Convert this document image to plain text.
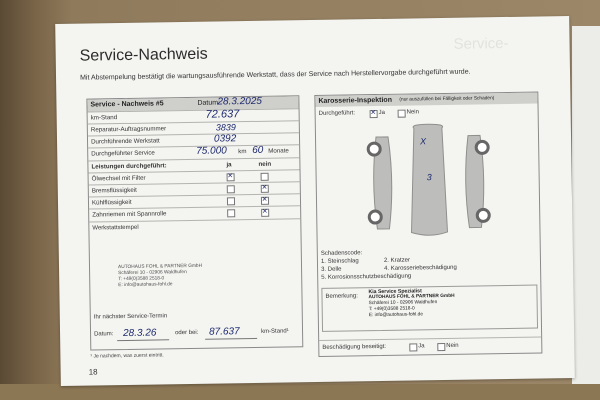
Service-
Service-Nachweis
Mit Abstempelung bestätigt die wartungsausführende Werkstatt, dass der Service nach Herstellervorgabe durchgeführt wurde.
Service - Nachweis #5	Datum:
28.3.2025
km-Stand	72.637
Reparatur-Auftragsnummer	3839
Durchführende Werkstatt	0392
Durchgeführter Service	75.000 km 60 Monate
Leistungen durchgeführt:	ja	nein
Ölwechsel mit Filter
×
Bremsflüssigkeit
×
Kühlflüssigkeit
×
Zahnriemen mit Spannrolle
×
Werkstattstempel
AUTOHAUS FOHL & PARTNER GmbH
Schäferei 10 - 02906 Waldhufen
T: +49(0)3588 2518-0
E: info@autohaus-fohl.de
Ihr nächster Service-Termin
Datum: 28.3.26	oder bei: 87.637	km-Stand¹
¹ Je nachdem, was zuerst eintritt.
18
Karosserie-Inspektion (nur auszufüllen bei Fälligkeit oder Schaden)
Durchgeführt:
×	Ja	Nein
X
3
Schadenscode:
1. Steinschlag	2. Kratzer
3. Delle	4. Karosseriebeschädigung
5. Korrosionsschutzbeschädigung
Bemerkung:
Kia Service Spezialist
AUTOHAUS FOHL & PARTNER GmbH
Schäferei 10 - 02906 Waldhufen
T: +49(0)3588 2518-0
E: info@autohaus-fohl.de
Beschädigung beseitigt:	Ja	Nein
